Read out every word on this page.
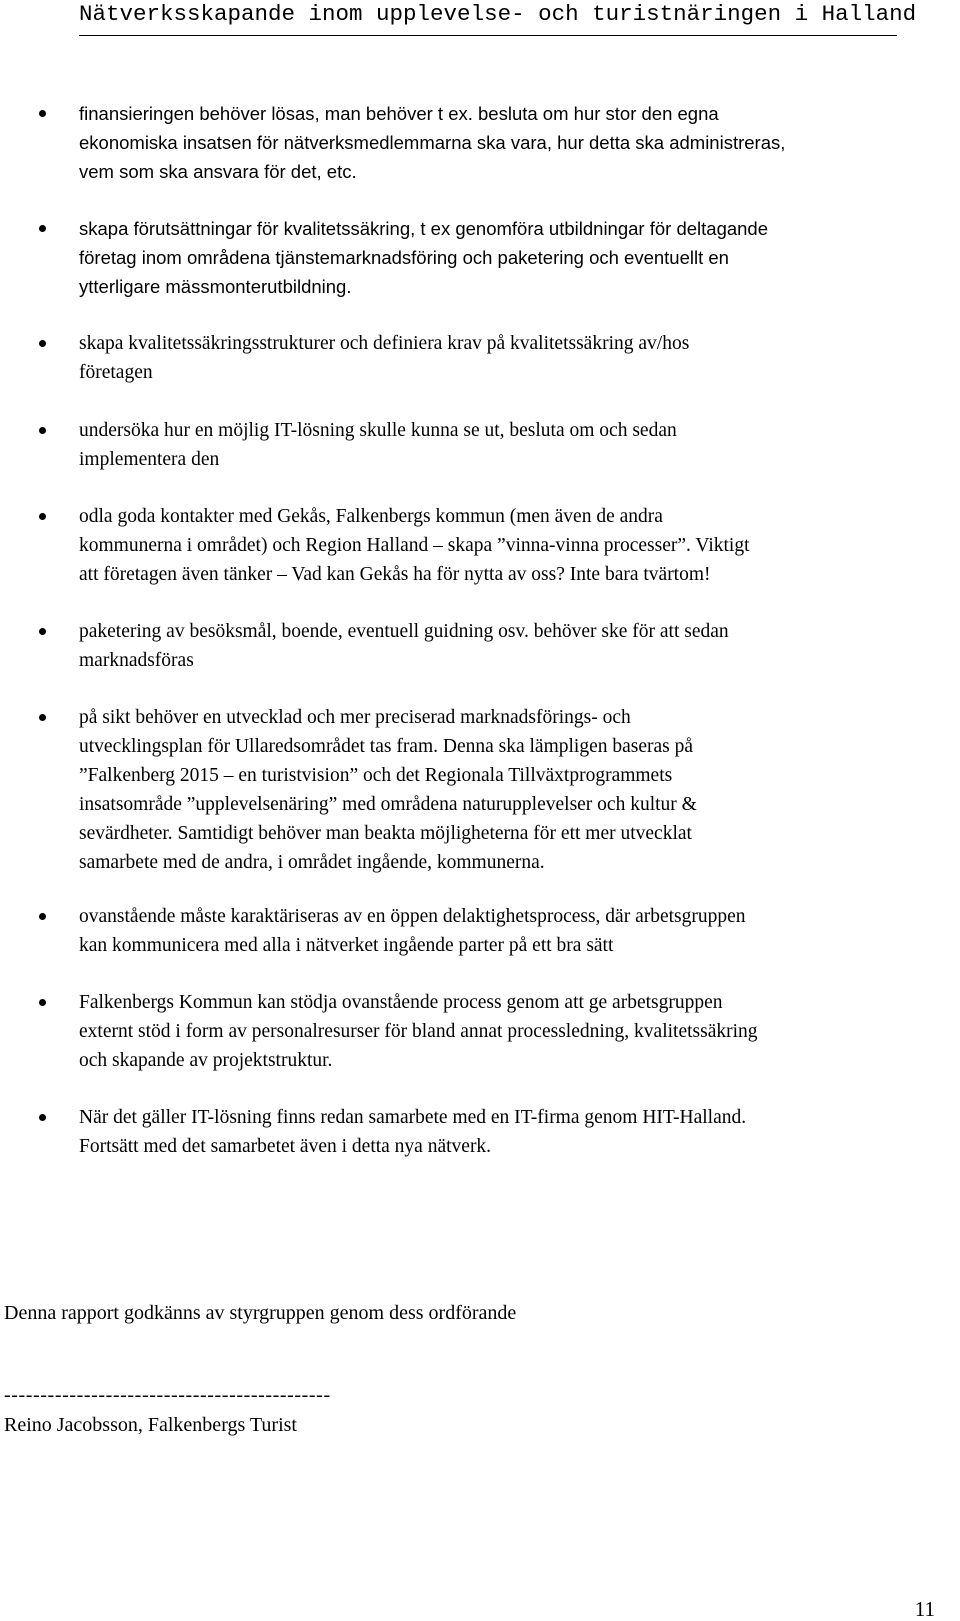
Nätverksskapande inom upplevelse- och turistnäringen i Halland
finansieringen behöver lösas, man behöver t ex. besluta om hur stor den egna
ekonomiska insatsen för nätverksmedlemmarna ska vara, hur detta ska administreras,
vem som ska ansvara för det, etc.
skapa förutsättningar för kvalitetssäkring, t ex genomföra utbildningar för deltagande
företag inom områdena tjänstemarknadsföring och paketering och eventuellt en
ytterligare mässmonterutbildning.
skapa kvalitetssäkringsstrukturer och definiera krav på kvalitetssäkring av/hos
företagen
undersöka hur en möjlig IT-lösning skulle kunna se ut, besluta om och sedan
implementera den
odla goda kontakter med Gekås, Falkenbergs kommun (men även de andra
kommunerna i området) och Region Halland – skapa ”vinna-vinna processer”. Viktigt
att företagen även tänker – Vad kan Gekås ha för nytta av oss? Inte bara tvärtom!
paketering av besöksmål, boende, eventuell guidning osv. behöver ske för att sedan
marknadsföras
på sikt behöver en utvecklad och mer preciserad marknadsförings- och
utvecklingsplan för Ullaredsområdet tas fram. Denna ska lämpligen baseras på
”Falkenberg 2015 – en turistvision” och det Regionala Tillväxtprogrammets
insatsområde ”upplevelsenäring” med områdena naturupplevelser och kultur &
sevärdheter. Samtidigt behöver man beakta möjligheterna för ett mer utvecklat
samarbete med de andra, i området ingående, kommunerna.
ovanstående måste karaktäriseras av en öppen delaktighetsprocess, där arbetsgruppen
kan kommunicera med alla i nätverket ingående parter på ett bra sätt
Falkenbergs Kommun kan stödja ovanstående process genom att ge arbetsgruppen
externt stöd i form av personalresurser för bland annat processledning, kvalitetssäkring
och skapande av projektstruktur.
När det gäller IT-lösning finns redan samarbete med en IT-firma genom HIT-Halland.
Fortsätt med det samarbetet även i detta nya nätverk.
Denna rapport godkänns av styrgruppen genom dess ordförande
---------------------------------------------
Reino Jacobsson, Falkenbergs Turist
11
